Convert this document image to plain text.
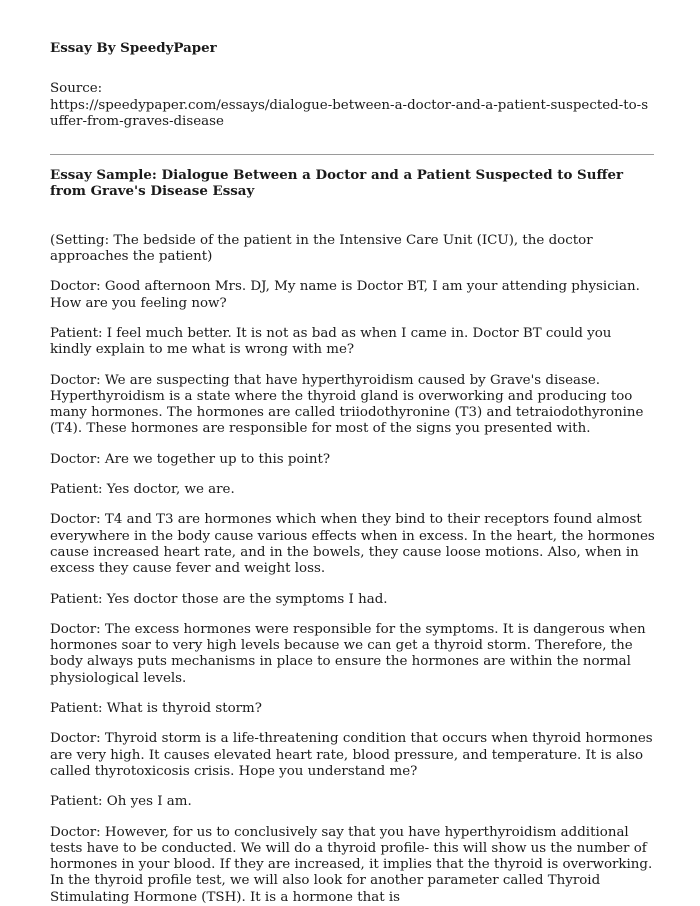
Essay By SpeedyPaper

Source:

https://speedypaper.com/essays/dialogue-between-a-doctor-and-a-patient-suspected-to-suffer-from-graves-disease

Essay Sample: Dialogue Between a Doctor and a Patient Suspected to Suffer from Grave's Disease Essay

(Setting: The bedside of the patient in the Intensive Care Unit (ICU), the doctor approaches the patient)

Doctor: Good afternoon Mrs. DJ, My name is Doctor BT, I am your attending physician. How are you feeling now?

Patient: I feel much better. It is not as bad as when I came in. Doctor BT could you kindly explain to me what is wrong with me?

Doctor: We are suspecting that have hyperthyroidism caused by Grave's disease. Hyperthyroidism is a state where the thyroid gland is overworking and producing too many hormones. The hormones are called triiodothyronine (T3) and tetraiodothyronine (T4). These hormones are responsible for most of the signs you presented with.

Doctor: Are we together up to this point?

Patient: Yes doctor, we are.

Doctor: T4 and T3 are hormones which when they bind to their receptors found almost everywhere in the body cause various effects when in excess. In the heart, the hormones cause increased heart rate, and in the bowels, they cause loose motions. Also, when in excess they cause fever and weight loss.

Patient: Yes doctor those are the symptoms I had.

Doctor: The excess hormones were responsible for the symptoms. It is dangerous when hormones soar to very high levels because we can get a thyroid storm. Therefore, the body always puts mechanisms in place to ensure the hormones are within the normal physiological levels.

Patient: What is thyroid storm?

Doctor: Thyroid storm is a life-threatening condition that occurs when thyroid hormones are very high. It causes elevated heart rate, blood pressure, and temperature. It is also called thyrotoxicosis crisis. Hope you understand me?

Patient: Oh yes I am.

Doctor: However, for us to conclusively say that you have hyperthyroidism additional tests have to be conducted. We will do a thyroid profile- this will show us the number of hormones in your blood. If they are increased, it implies that the thyroid is overworking. In the thyroid profile test, we will also look for another parameter called Thyroid Stimulating Hormone (TSH). It is a hormone that is
